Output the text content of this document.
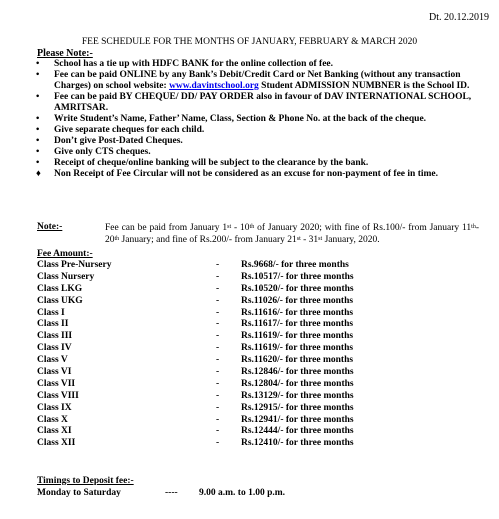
Dt. 20.12.2019
FEE SCHEDULE FOR THE MONTHS OF JANUARY, FEBRUARY & MARCH 2020
Please Note:-
•	School has a tie up with HDFC BANK for the online collection of fee.
•	Fee can be paid ONLINE by any Bank’s Debit/Credit Card or Net Banking (without any transaction Charges) on school website: www.davintschool.org Student ADMISSION NUMBNER is the School ID.
•	Fee can be paid BY CHEQUE/ DD/ PAY ORDER also in favour of DAV INTERNATIONAL SCHOOL, AMRITSAR.
•	Write Student’s Name, Father’ Name, Class, Section & Phone No. at the back of the cheque.
•	Give separate cheques for each child.
•	Don’t give Post-Dated Cheques.
•	Give only CTS cheques.
•	Receipt of cheque/online banking will be subject to the clearance by the bank.
♦	Non Receipt of Fee Circular will not be considered as an excuse for non-payment of fee in time.
Note:-	Fee can be paid from January 1st - 10th of January 2020; with fine of Rs.100/- from January 11th- 20th January; and fine of Rs.200/- from January 21st - 31st January, 2020.
Fee Amount:-
Class Pre-Nursery	- Rs.9668/- for three months
Class Nursery	- Rs.10517/- for three months
Class LKG	- Rs.10520/- for three months
Class UKG	- Rs.11026/- for three months
Class I	- Rs.11616/- for three months
Class II	- Rs.11617/- for three months
Class III	- Rs.11619/- for three months
Class IV	- Rs.11619/- for three months
Class V	- Rs.11620/- for three months
Class VI	- Rs.12846/- for three months
Class VII	- Rs.12804/- for three months
Class VIII	- Rs.13129/- for three months
Class IX	- Rs.12915/- for three months
Class X	- Rs.12941/- for three months
Class XI	- Rs.12444/- for three months
Class XII	- Rs.12410/- for three months
Timings to Deposit fee:-
Monday to Saturday	---- 9.00 a.m. to 1.00 p.m.
